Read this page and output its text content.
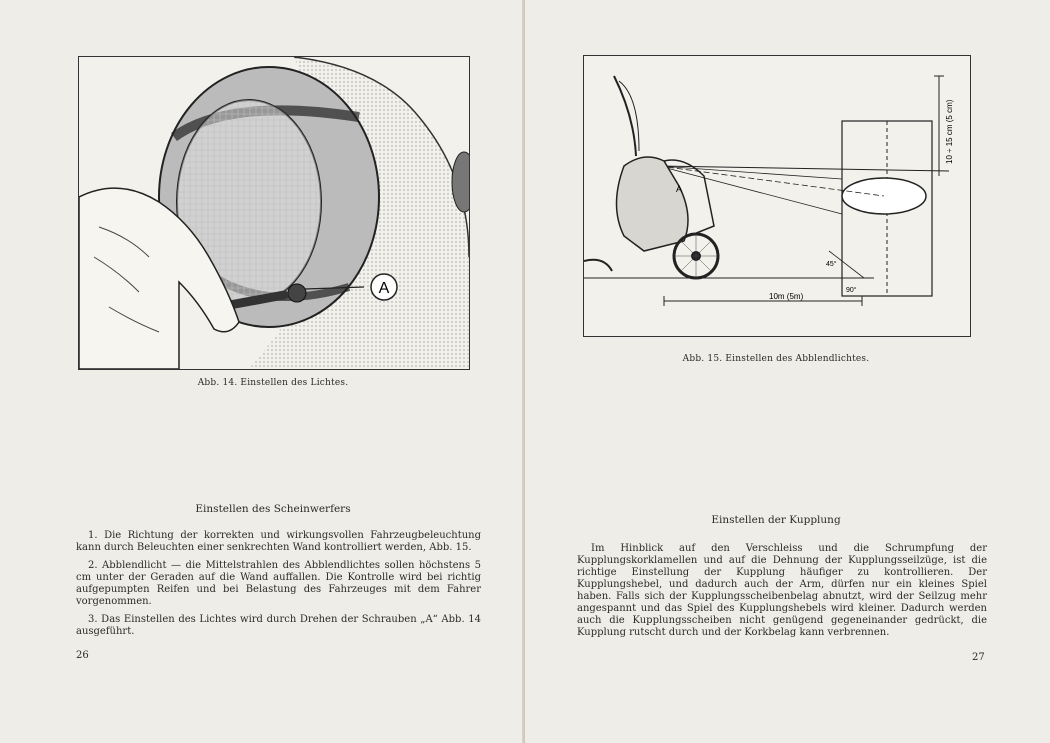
A
Abb. 14. Einstellen des Lichtes.
Einstellen des Scheinwerfers

1. Die Richtung der korrekten und wirkungsvollen Fahrzeugbeleuchtung kann durch Beleuchten einer senkrechten Wand kontrolliert werden, Abb. 15.

2. Abblendlicht — die Mittelstrahlen des Abblendlichtes sollen höchstens 5 cm unter der Geraden auf die Wand auffallen. Die Kontrolle wird bei richtig aufgepumpten Reifen und bei Belastung des Fahrzeuges mit dem Fahrer vorgenommen.

3. Das Einstellen des Lichtes wird durch Drehen der Schrauben „A“ Abb. 14 ausgeführt.

26
10 ÷ 15 cm (5 cm)
A
10m (5m)
45°
90°
Abb. 15. Einstellen des Abblendlichtes.
Einstellen der Kupplung

Im Hinblick auf den Verschleiss und die Schrumpfung der Kupplungskorklamellen und auf die Dehnung der Kupplungsseilzüge, ist die richtige Einstellung der Kupplung häufiger zu kontrollieren. Der Kupplungshebel, und dadurch auch der Arm, dürfen nur ein kleines Spiel haben. Falls sich der Kupplungsscheibenbelag abnutzt, wird der Seilzug mehr angespannt und das Spiel des Kupplungshebels wird kleiner. Dadurch werden auch die Kupplungsscheiben nicht genügend gegeneinander gedrückt, die Kupplung rutscht durch und der Korkbelag kann verbrennen.

27
